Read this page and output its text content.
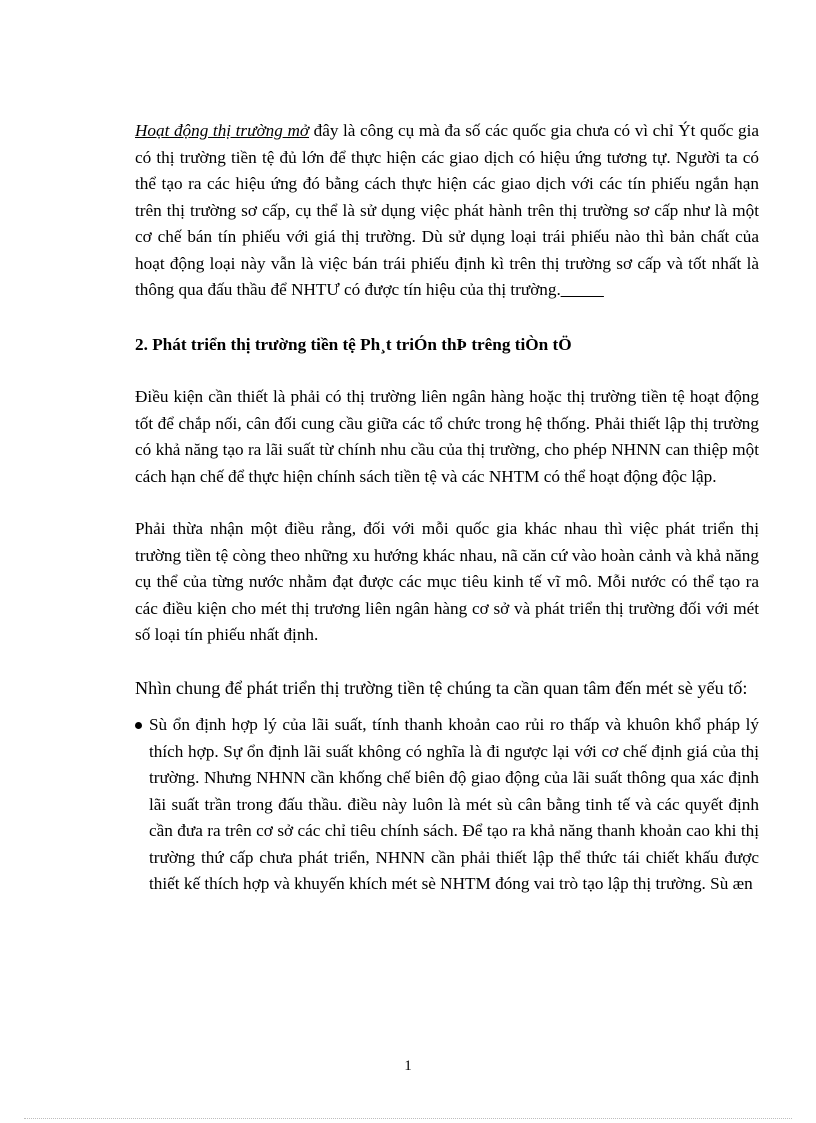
Hoạt động thị trường mở đây là công cụ mà đa số các quốc gia chưa có vì chỉ Ýt quốc gia có thị trường tiền tệ đủ lớn để thực hiện các giao dịch có hiệu ứng tương tự. Người ta có thể tạo ra các hiệu ứng đó bằng cách thực hiện các giao dịch với các tín phiếu ngắn hạn trên thị trường sơ cấp, cụ thể là sử dụng việc phát hành trên thị trường sơ cấp như là một cơ chế bán tín phiếu với giá thị trường. Dù sử dụng loại trái phiếu nào thì bản chất của hoạt động loại này vẫn là việc bán trái phiếu định kì trên thị trường sơ cấp và tốt nhất là thông qua đấu thầu để NHTƯ có được tín hiệu của thị trường._____

2. Phát triển thị trường tiền tệ Ph¸t triÓn thÞ trêng tiÒn tÖ

Điều kiện cần thiết là phải có thị trường liên ngân hàng hoặc thị trường tiền tệ hoạt động tốt để chắp nối, cân đối cung cầu giữa các tổ chức trong hệ thống. Phải thiết lập thị trường có khả năng tạo ra lãi suất từ chính nhu cầu của thị trường, cho phép NHNN can thiệp một cách hạn chế để thực hiện chính sách tiền tệ và các NHTM có thể hoạt động độc lập.

Phải thừa nhận một điều rằng, đối với mỗi quốc gia khác nhau thì việc phát triển thị trường tiền tệ còng theo những xu hướng khác nhau, nã căn cứ vào hoàn cảnh và khả năng cụ thể của từng nước nhằm đạt được các mục tiêu kinh tế vĩ mô. Mỗi nước có thể tạo ra các điều kiện cho mét thị trương liên ngân hàng cơ sở và phát triển thị trường đối với mét số loại tín phiếu nhất định.

Nhìn chung để phát triển thị trường tiền tệ chúng ta cần quan tâm đến mét sè yếu tố:

Sù ổn định hợp lý của lãi suất, tính thanh khoản cao rủi ro thấp và khuôn khổ pháp lý thích hợp. Sự ổn định lãi suất không có nghĩa là đi ngược lại với cơ chế định giá của thị trường. Nhưng NHNN cần khống chế biên độ giao động của lãi suất thông qua xác định lãi suất trần trong đấu thầu. điều này luôn là mét sù cân bằng tinh tế và các quyết định cần đưa ra trên cơ sở các chỉ tiêu chính sách. Để tạo ra khả năng thanh khoản cao khi thị trường thứ cấp chưa phát triển, NHNN cần phải thiết lập thể thức tái chiết khấu được thiết kế thích hợp và khuyến khích mét sè NHTM đóng vai trò tạo lập thị trường. Sù æn
1
